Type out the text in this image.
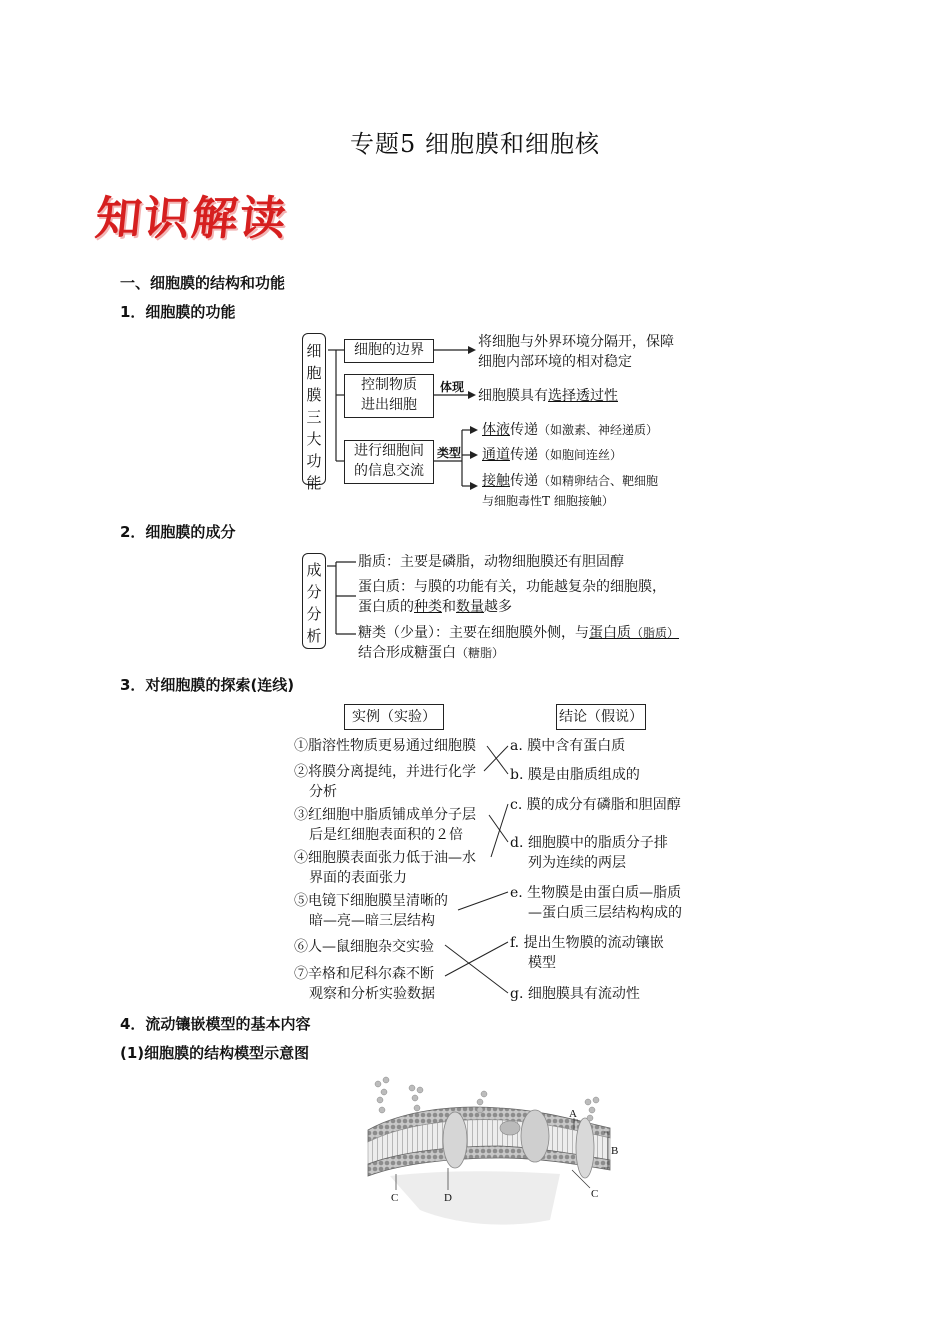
专题5 细胞膜和细胞核
知识解读
一、细胞膜的结构和功能
1．细胞膜的功能
2．细胞膜的成分
3．对细胞膜的探索(连线)
4．流动镶嵌模型的基本内容
(1)细胞膜的结构模型示意图
细
胞
膜
三
大
功
能
细胞的边界	将细胞与外界环境分隔开，保障
细胞内部环境的相对稳定
控制物质
进出细胞
体现
细胞膜具有选择透过性
进行细胞间
的信息交流
类型
体液传递（如激素、神经递质）
通道传递（如胞间连丝）
接触传递（如精卵结合、靶细胞
与细胞毒性T 细胞接触）
成
分
分
析
脂质：主要是磷脂，动物细胞膜还有胆固醇
蛋白质：与膜的功能有关，功能越复杂的细胞膜，
蛋白质的种类和数量越多
糖类（少量）：主要在细胞膜外侧，与蛋白质（脂质）
结合形成糖蛋白（糖脂）
实例（实验）	结论（假说）
①脂溶性物质更易通过细胞膜
②将膜分离提纯，并进行化学
分析
③红细胞中脂质铺成单分子层
后是红细胞表面积的２倍
④细胞膜表面张力低于油—水
界面的表面张力
⑤电镜下细胞膜呈清晰的
暗—亮—暗三层结构
⑥人—鼠细胞杂交实验
⑦辛格和尼科尔森不断
观察和分析实验数据
a. 膜中含有蛋白质
b. 膜是由脂质组成的
c. 膜的成分有磷脂和胆固醇
d. 细胞膜中的脂质分子排
列为连续的两层
e. 生物膜是由蛋白质—脂质
—蛋白质三层结构构成的
f. 提出生物膜的流动镶嵌
模型
g. 细胞膜具有流动性
A
B
C	D	C
